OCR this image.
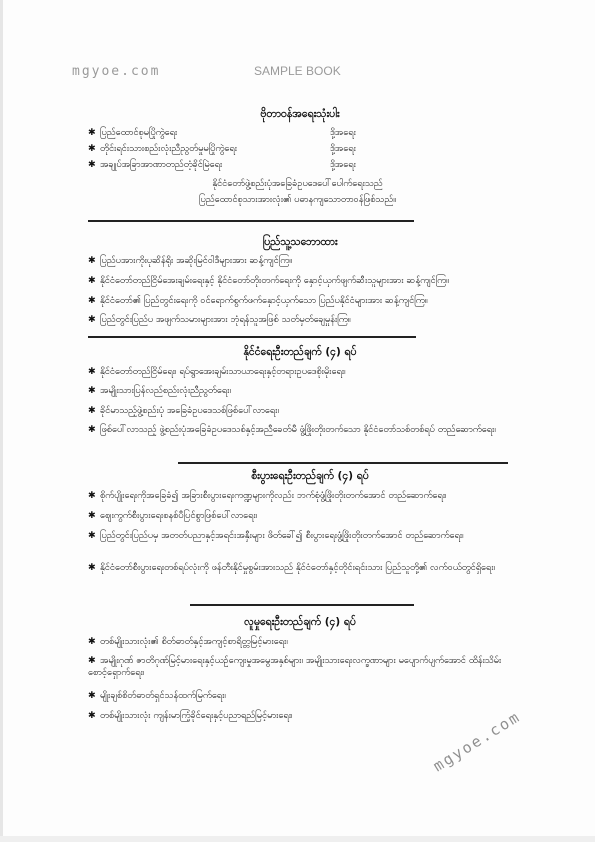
mgyoe.com	SAMPLE BOOK
mgyoe.com

ဗိုတာဝန်အရေးသုံးပါး

✱ ပြည်ထောင်စုမပြိုကွဲရေး	ဒို့အရေး
✱ တိုင်းရင်းသားစည်းလုံးညီညွတ်မှုမပြိုကွဲရေး	ဒို့အရေး
✱ အချုပ်အခြာအာဏာတည်တံ့ခိုင်မြဲရေး	ဒို့အရေး
နိုင်ငံတော်ဖွဲ့စည်းပုံအခြေခံဥပဒေပေါ်ပေါက်ရေးသည်
ပြည်ထောင်စုသားအားလုံး၏ ပဓာနကျသောတာဝန်ဖြစ်သည်။

ပြည်သူ့သဘောထား

✱ ပြည်ပအားကိုးပုဆိန်ရိုး အဆိုးမြင်ဝါဒီများအား ဆန့်ကျင်ကြ။
✱ နိုင်ငံတော်တည်ငြိမ်အေးချမ်းရေးနှင့် နိုင်ငံတော်တိုးတက်ရေးကို နှောင့်ယှက်ဖျက်ဆီးသူများအား ဆန့်ကျင်ကြ။
✱ နိုင်ငံတော်၏ ပြည်တွင်းရေးကို ဝင်ရောက်စွက်ဖက်နှောင့်ယှက်သော ပြည်ပနိုင်ငံများအား ဆန့်ကျင်ကြ။
✱ ပြည်တွင်းပြည်ပ အဖျက်သမားများအား ဘုံရန်သူအဖြစ် သတ်မှတ်ချေမှုန်းကြ။

နိုင်ငံရေးဦးတည်ချက် (၄) ရပ်

✱ နိုင်ငံတော်တည်ငြိမ်ရေး၊ ရပ်ရွာအေးချမ်းသာယာရေးနှင့်တရားဥပဒေစိုးမိုးရေး၊
✱ အမျိုးသားပြန်လည်စည်းလုံးညီညွတ်ရေး၊
✱ ခိုင်မာသည့်ဖွဲ့စည်းပုံ အခြေခံဥပဒေသစ်ဖြစ်ပေါ်လာရေး၊
✱ ဖြစ်ပေါ်လာသည့် ဖွဲ့စည်းပုံအခြေခံဥပဒေသစ်နှင့်အညီခေတ်မီ ဖွံ့ဖြိုးတိုးတက်သော နိုင်ငံတော်သစ်တစ်ရပ် တည်ဆောက်ရေး၊

စီးပွားရေးဦးတည်ချက် (၄) ရပ်

✱ စိုက်ပျိုးရေးကိုအခြေခံ၍ အခြားစီးပွားရေးကဏ္ဍများကိုလည်း ဘက်စုံဖွံ့ဖြိုးတိုးတက်အောင် တည်ဆောက်ရေး၊
✱ ဈေးကွက်စီးပွားရေးစနစ်ပီပြင်စွာဖြစ်ပေါ်လာရေး၊
✱ ပြည်တွင်းပြည်ပမှ အတတ်ပညာနှင့်အရင်းအနှီးများ ဖိတ်ခေါ်၍ စီးပွားရေးဖွံ့ဖြိုးတိုးတက်အောင် တည်ဆောက်ရေး၊
✱ နိုင်ငံတော်စီးပွားရေးတစ်ရပ်လုံးကို ဖန်တီးနိုင်မှုစွမ်းအားသည် နိုင်ငံတော်နှင့်တိုင်းရင်းသား ပြည်သူတို့၏ လက်ဝယ်တွင်ရှိရေး၊

လူမှုရေးဦးတည်ချက် (၄) ရပ်

✱ တစ်မျိုးသားလုံး၏ စိတ်ဓာတ်နှင့်အကျင့်စာရိတ္တမြင့်မားရေး၊
✱ အမျိုးဂုဏ် ဇာတိဂုဏ်မြင့်မားရေးနှင့်ယဉ်ကျေးမှုအမွေအနှစ်များ၊ အမျိုးသားရေးလက္ခဏာများ မပျောက်ပျက်အောင် ထိန်းသိမ်းစောင့်ရှောက်ရေး၊
✱ မျိုးချစ်စိတ်ဓာတ်ရှင်သန်ထက်မြက်ရေး၊
✱ တစ်မျိုးသားလုံး ကျန်းမာကြံ့ခိုင်ရေးနှင့်ပညာရည်မြင့်မားရေး၊
